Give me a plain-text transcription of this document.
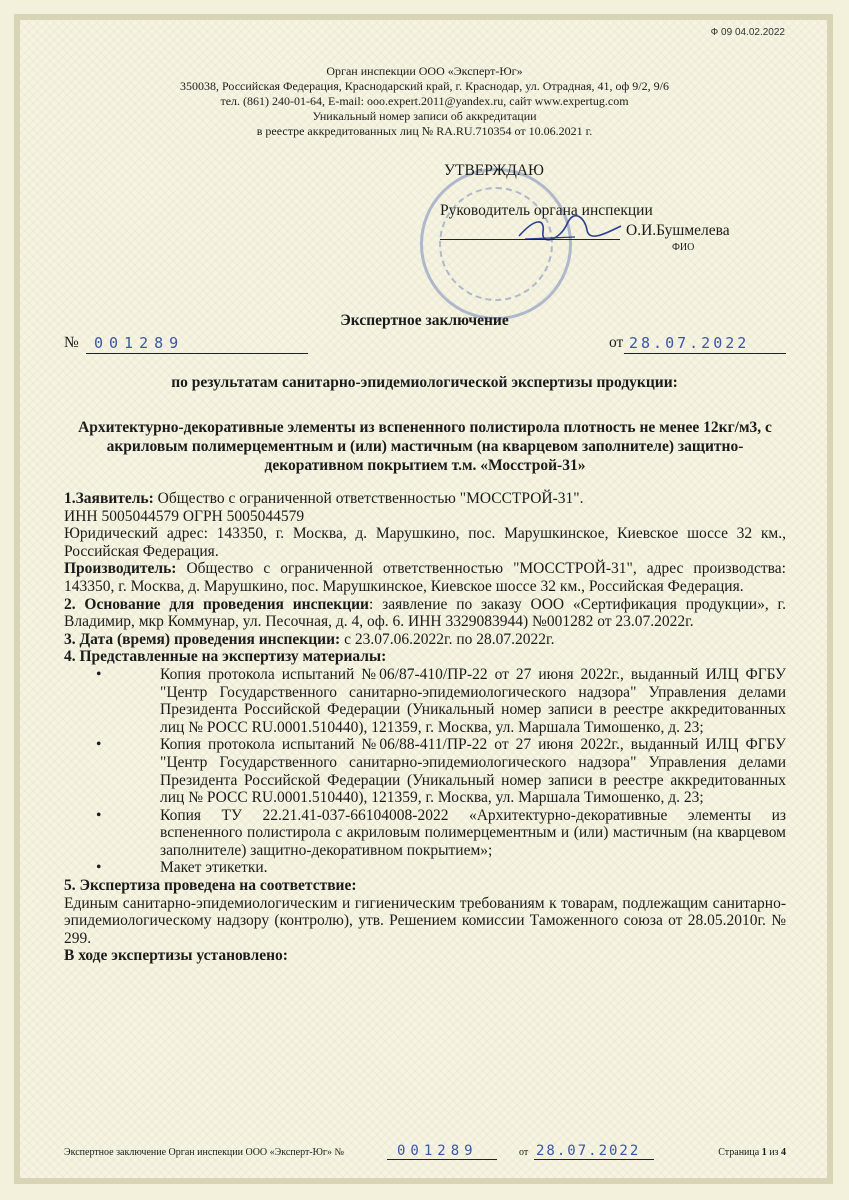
Ф 09 04.02.2022
Орган инспекции ООО «Эксперт-Юг»
350038, Российская Федерация, Краснодарский край, г. Краснодар, ул. Отрадная, 41, оф 9/2, 9/6
тел. (861) 240-01-64, E-mail: ooo.expert.2011@yandex.ru, сайт www.expertug.com
Уникальный номер записи об аккредитации
в реестре аккредитованных лиц № RA.RU.710354 от 10.06.2021 г.
УТВЕРЖДАЮ
Руководитель органа инспекции
О.И.Бушмелева
ФИО
Экспертное заключение
№ 001289	от 28.07.2022
по результатам санитарно-эпидемиологической экспертизы продукции:
Архитектурно-декоративные элементы из вспененного полистирола плотность не менее 12кг/м3, с акриловым полимерцементным и (или) мастичным (на кварцевом заполнителе) защитно-декоративном покрытием т.м. «Мосстрой-31»

1.Заявитель: Общество с ограниченной ответственностью "МОССТРОЙ-31".

ИНН 5005044579 ОГРН 5005044579

Юридический адрес: 143350, г. Москва, д. Марушкино, пос. Марушкинское, Киевское шоссе 32 км., Российская Федерация.

Производитель: Общество с ограниченной ответственностью "МОССТРОЙ-31", адрес производства: 143350, г. Москва, д. Марушкино, пос. Марушкинское, Киевское шоссе 32 км., Российская Федерация.

2. Основание для проведения инспекции: заявление по заказу ООО «Сертификация продукции», г. Владимир, мкр Коммунар, ул. Песочная, д. 4, оф. 6. ИНН 3329083944) №001282 от 23.07.2022г.

3. Дата (время) проведения инспекции: с 23.07.06.2022г. по 28.07.2022г.

4. Представленные на экспертизу материалы:

• Копия протокола испытаний №06/87-410/ПР-22 от 27 июня 2022г., выданный ИЛЦ ФГБУ "Центр Государственного санитарно-эпидемиологического надзора" Управления делами Президента Российской Федерации (Уникальный номер записи в реестре аккредитованных лиц № РОСС RU.0001.510440), 121359, г. Москва, ул. Маршала Тимошенко, д. 23;
• Копия протокола испытаний №06/88-411/ПР-22 от 27 июня 2022г., выданный ИЛЦ ФГБУ "Центр Государственного санитарно-эпидемиологического надзора" Управления делами Президента Российской Федерации (Уникальный номер записи в реестре аккредитованных лиц № РОСС RU.0001.510440), 121359, г. Москва, ул. Маршала Тимошенко, д. 23;
• Копия ТУ 22.21.41-037-66104008-2022 «Архитектурно-декоративные элементы из вспененного полистирола с акриловым полимерцементным и (или) мастичным (на кварцевом заполнителе) защитно-декоративном покрытием»;
• Макет этикетки.

5. Экспертиза проведена на соответствие:

Единым санитарно-эпидемиологическим и гигиеническим требованиям к товарам, подлежащим санитарно-эпидемиологическому надзору (контролю), утв. Решением комиссии Таможенного союза от 28.05.2010г. № 299.

В ходе экспертизы установлено:

Экспертное заключение Орган инспекции ООО «Эксперт-Юг» №	001289	от 28.07.2022	Страница 1 из 4
